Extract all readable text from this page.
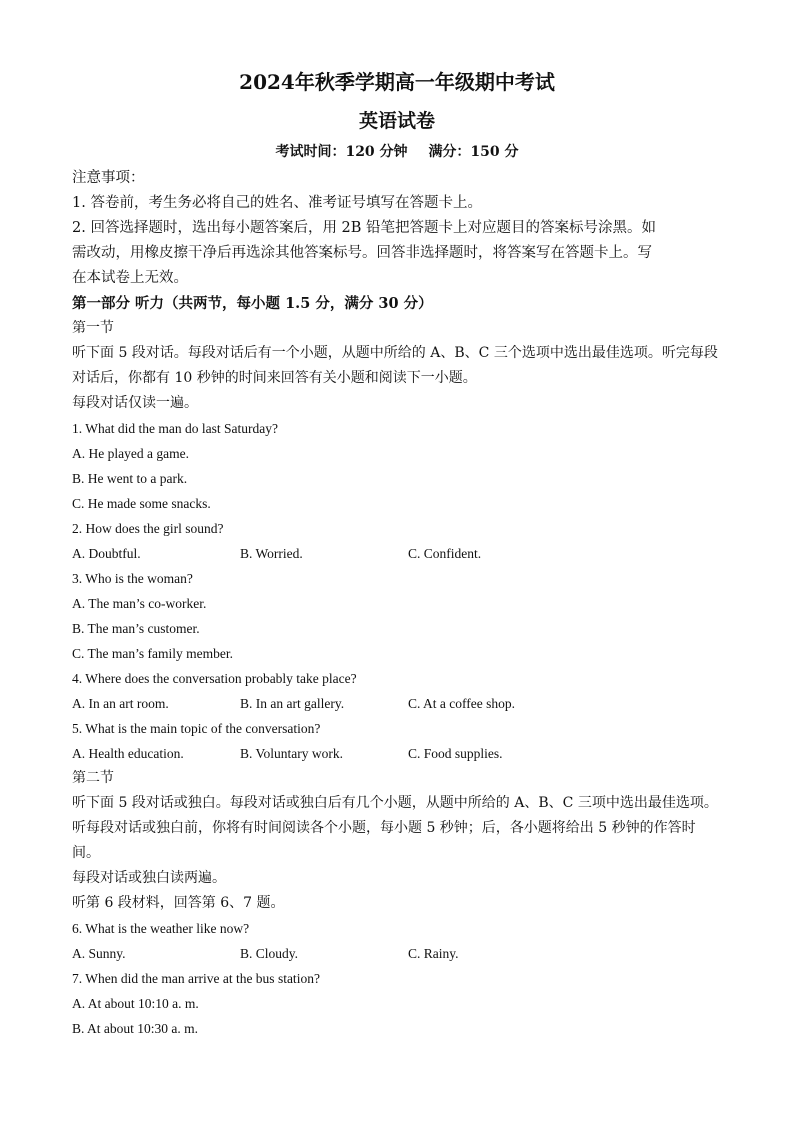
2024年秋季学期高一年级期中考试
英语试卷
考试时间：120 分钟 满分：150 分

注意事项：

1. 答卷前，考生务必将自己的姓名、准考证号填写在答题卡上。

2. 回答选择题时，选出每小题答案后，用 2B 铅笔把答题卡上对应题目的答案标号涂黑。如

需改动，用橡皮擦干净后再选涂其他答案标号。回答非选择题时，将答案写在答题卡上。写

在本试卷上无效。

第一部分 听力（共两节，每小题 1.5 分，满分 30 分）

第一节

听下面 5 段对话。每段对话后有一个小题，从题中所给的 A、B、C 三个选项中选出最佳选项。听完每段

对话后，你都有 10 秒钟的时间来回答有关小题和阅读下一小题。

每段对话仅读一遍。

1. What did the man do last Saturday?

A. He played a game.

B. He went to a park.

C. He made some snacks.

2. How does the girl sound?

A. Doubtful.	B. Worried.	C. Confident.

3. Who is the woman?

A. The man’s co-worker.

B. The man’s customer.

C. The man’s family member.

4. Where does the conversation probably take place?

A. In an art room.	B. In an art gallery.	C. At a coffee shop.

5. What is the main topic of the conversation?

A. Health education.	B. Voluntary work.	C. Food supplies.

第二节

听下面 5 段对话或独白。每段对话或独白后有几个小题，从题中所给的 A、B、C 三项中选出最佳选项。

听每段对话或独白前，你将有时间阅读各个小题，每小题 5 秒钟；后，各小题将给出 5 秒钟的作答时间。

每段对话或独白读两遍。

听第 6 段材料，回答第 6、7 题。

6. What is the weather like now?

A. Sunny.	B. Cloudy.	C. Rainy.

7. When did the man arrive at the bus station?

A. At about 10:10 a. m.

B. At about 10:30 a. m.
